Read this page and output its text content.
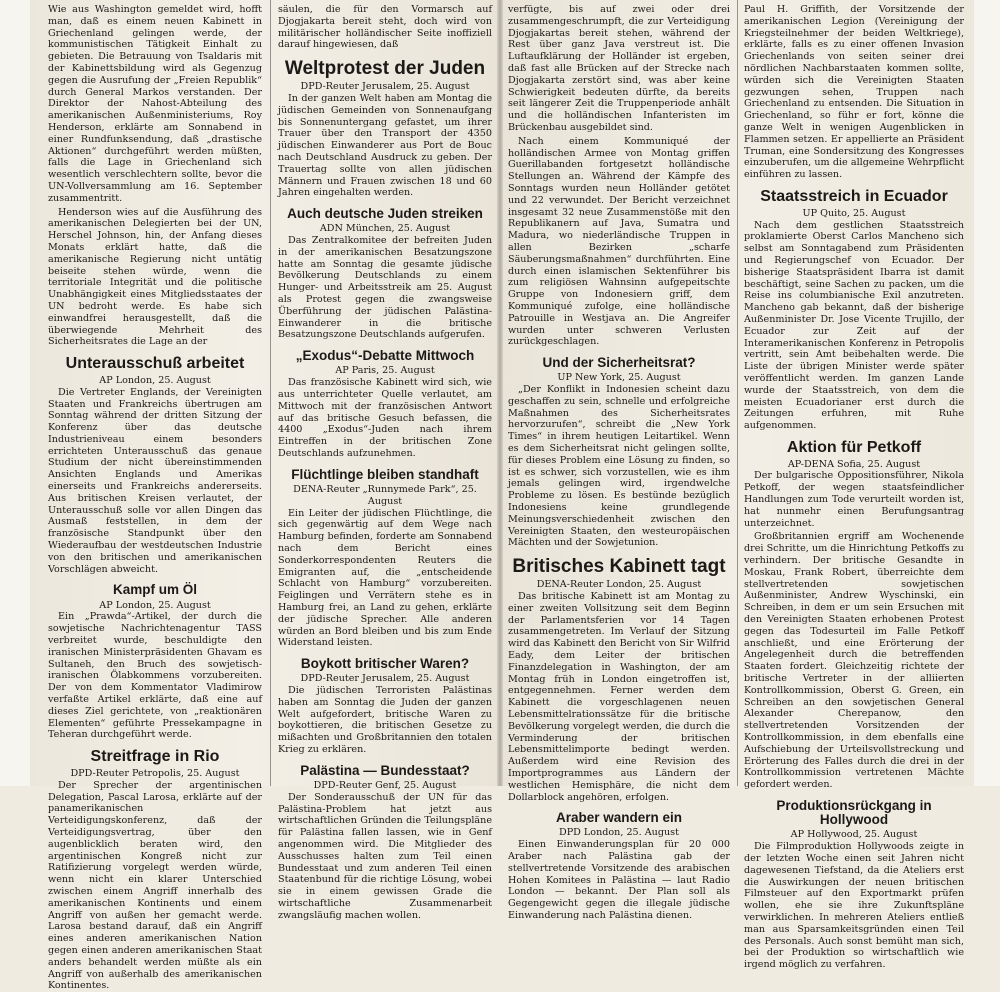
Wie aus Washington gemeldet wird, hofft man, daß es einem neuen Kabinett in Griechenland gelingen werde, der kommunistischen Tätigkeit Einhalt zu gebieten. Die Betrauung von Tsaldaris mit der Kabinettsbildung wird als Gegenzug gegen die Ausrufung der „Freien Republik“ durch General Markos verstanden. Der Direktor der Nahost-Abteilung des amerikanischen Außenministeriums, Roy Henderson, erklärte am Sonnabend in einer Rundfunksendung, daß „drastische Aktionen“ durchgeführt werden müßten, falls die Lage in Griechenland sich wesentlich verschlechtern sollte, bevor die UN-Vollversammlung am 16. September zusammentritt.

Henderson wies auf die Ausführung des amerikanischen Delegierten bei der UN, Herschel Johnson, hin, der Anfang dieses Monats erklärt hatte, daß die amerikanische Regierung nicht untätig beiseite stehen würde, wenn die territoriale Integrität und die politische Unabhängigkeit eines Mitgliedsstaates der UN bedroht werde. Es habe sich einwandfrei herausgestellt, daß die überwiegende Mehrheit des Sicherheitsrates die Lage an der

Unterausschuß arbeitet

AP London, 25. August

Die Vertreter Englands, der Vereinigten Staaten und Frankreichs übertrugen am Sonntag während der dritten Sitzung der Konferenz über das deutsche Industrieniveau einem besonders errichteten Unterausschuß das genaue Studium der nicht übereinstimmenden Ansichten Englands und Amerikas einerseits und Frankreichs andererseits. Aus britischen Kreisen verlautet, der Unterausschuß solle vor allen Dingen das Ausmaß feststellen, in dem der französische Standpunkt über den Wiederaufbau der westdeutschen Industrie von den britischen und amerikanischen Vorschlägen abweicht.

Kampf um Öl

AP London, 25. August

Ein „Prawda“-Artikel, der durch die sowjetische Nachrichtenagentur TASS verbreitet wurde, beschuldigte den iranischen Ministerpräsidenten Ghavam es Sultaneh, den Bruch des sowjetisch-iranischen Ölabkommens vorzubereiten. Der von dem Kommentator Vladimirow verfaßte Artikel erklärte, daß eine auf dieses Ziel gerichtete, von „reaktionären Elementen“ geführte Pressekampagne in Teheran durchgeführt werde.

Streitfrage in Rio

DPD-Reuter Petropolis, 25. August

Der Sprecher der argentinischen Delegation, Pascal Larosa, erklärte auf der panamerikanischen Verteidigungskonferenz, daß der Verteidigungsvertrag, über den augenblicklich beraten wird, den argentinischen Kongreß nicht zur Ratifizierung vorgelegt werden würde, wenn nicht ein klarer Unterschied zwischen einem Angriff innerhalb des amerikanischen Kontinents und einem Angriff von außen her gemacht werde. Larosa bestand darauf, daß ein Angriff eines anderen amerikanischen Nation gegen einen anderen amerikanischen Staat anders behandelt werden müßte als ein Angriff von außerhalb des amerikanischen Kontinentes.

säulen, die für den Vormarsch auf Djogjakarta bereit steht, doch wird von militärischer holländischer Seite inoffiziell darauf hingewiesen, daß

Weltprotest der Juden

DPD-Reuter Jerusalem, 25. August

In der ganzen Welt haben am Montag die jüdischen Gemeinden von Sonnenaufgang bis Sonnenuntergang gefastet, um ihrer Trauer über den Transport der 4350 jüdischen Einwanderer aus Port de Bouc nach Deutschland Ausdruck zu geben. Der Trauertag sollte von allen jüdischen Männern und Frauen zwischen 18 und 60 Jahren eingehalten werden.

Auch deutsche Juden streiken

ADN München, 25. August

Das Zentralkomitee der befreiten Juden in der amerikanischen Besatzungszone hatte am Sonntag die gesamte jüdische Bevölkerung Deutschlands zu einem Hunger- und Arbeitsstreik am 25. August als Protest gegen die zwangsweise Überführung der jüdischen Palästina-Einwanderer in die britische Besatzungszone Deutschlands aufgerufen.

„Exodus“-Debatte Mittwoch

AP Paris, 25. August

Das französische Kabinett wird sich, wie aus unterrichteter Quelle verlautet, am Mittwoch mit der französischen Antwort auf das britische Gesuch befassen, die 4400 „Exodus“-Juden nach ihrem Eintreffen in der britischen Zone Deutschlands aufzunehmen.

Flüchtlinge bleiben standhaft

DENA-Reuter „Runnymede Park“, 25. August

Ein Leiter der jüdischen Flüchtlinge, die sich gegenwärtig auf dem Wege nach Hamburg befinden, forderte am Sonnabend nach dem Bericht eines Sonderkorrespondenten Reuters die Emigranten auf, die „entscheidende Schlacht von Hamburg“ vorzubereiten. Feiglingen und Verrätern stehe es in Hamburg frei, an Land zu gehen, erklärte der jüdische Sprecher. Alle anderen würden an Bord bleiben und bis zum Ende Widerstand leisten.

Boykott britischer Waren?

DPD-Reuter Jerusalem, 25. August

Die jüdischen Terroristen Palästinas haben am Sonntag die Juden der ganzen Welt aufgefordert, britische Waren zu boykottieren, die britischen Gesetze zu mißachten und Großbritannien den totalen Krieg zu erklären.

Palästina — Bundesstaat?

DPD-Reuter Genf, 25. August

Der Sonderausschuß der UN für das Palästina-Problem hat jetzt aus wirtschaftlichen Gründen die Teilungspläne für Palästina fallen lassen, wie in Genf angenommen wird. Die Mitglieder des Ausschusses halten zum Teil einen Bundesstaat und zum anderen Teil einen Staatenbund für die richtige Lösung, wobei sie in einem gewissen Grade die wirtschaftliche Zusammenarbeit zwangsläufig machen wollen.

verfügte, bis auf zwei oder drei zusammengeschrumpft, die zur Verteidigung Djogjakartas bereit stehen, während der Rest über ganz Java verstreut ist. Die Luftaufklärung der Holländer ist ergeben, daß fast alle Brücken auf der Strecke nach Djogjakarta zerstört sind, was aber keine Schwierigkeit bedeuten dürfte, da bereits seit längerer Zeit die Truppenperiode anhält und die holländischen Infanteristen im Brückenbau ausgebildet sind.

Nach einem Kommuniqué der holländischen Armee von Montag griffen Guerillabanden fortgesetzt holländische Stellungen an. Während der Kämpfe des Sonntags wurden neun Holländer getötet und 22 verwundet. Der Bericht verzeichnet insgesamt 32 neue Zusammenstöße mit den Republikanern auf Java, Sumatra und Madura, wo niederländische Truppen in allen Bezirken „scharfe Säuberungsmaßnahmen“ durchführten. Eine durch einen islamischen Sektenführer bis zum religiösen Wahnsinn aufgepeitschte Gruppe von Indonesiern griff, dem Kommuniqué zufolge, eine holländische Patrouille in Westjava an. Die Angreifer wurden unter schweren Verlusten zurückgeschlagen.

Und der Sicherheitsrat?

UP New York, 25. August

„Der Konflikt in Indonesien scheint dazu geschaffen zu sein, schnelle und erfolgreiche Maßnahmen des Sicherheitsrates hervorzurufen“, schreibt die „New York Times“ in ihrem heutigen Leitartikel. Wenn es dem Sicherheitsrat nicht gelingen sollte, für dieses Problem eine Lösung zu finden, so ist es schwer, sich vorzustellen, wie es ihm jemals gelingen wird, irgendwelche Probleme zu lösen. Es bestünde bezüglich Indonesiens keine grundlegende Meinungsverschiedenheit zwischen den Vereinigten Staaten, den westeuropäischen Mächten und der Sowjetunion.

Britisches Kabinett tagt

DENA-Reuter London, 25. August

Das britische Kabinett ist am Montag zu einer zweiten Vollsitzung seit dem Beginn der Parlamentsferien vor 14 Tagen zusammengetreten. Im Verlauf der Sitzung wird das Kabinett den Bericht von Sir Wilfrid Eady, dem Leiter der britischen Finanzdelegation in Washington, der am Montag früh in London eingetroffen ist, entgegennehmen. Ferner werden dem Kabinett die vorgeschlagenen neuen Lebensmittelrationssätze für die britische Bevölkerung vorgelegt werden, die durch die Verminderung der britischen Lebensmittelimporte bedingt werden. Außerdem wird eine Revision des Importprogrammes aus Ländern der westlichen Hemisphäre, die nicht dem Dollarblock angehören, erfolgen.

Araber wandern ein

DPD London, 25. August

Einen Einwanderungsplan für 20 000 Araber nach Palästina gab der stellvertretende Vorsitzende des arabischen Hohen Komitees in Palästina — laut Radio London — bekannt. Der Plan soll als Gegengewicht gegen die illegale jüdische Einwanderung nach Palästina dienen.

Paul H. Griffith, der Vorsitzende der amerikanischen Legion (Vereinigung der Kriegsteilnehmer der beiden Weltkriege), erklärte, falls es zu einer offenen Invasion Griechenlands von seiten seiner drei nördlichen Nachbarstaaten kommen sollte, würden sich die Vereinigten Staaten gezwungen sehen, Truppen nach Griechenland zu entsenden. Die Situation in Griechenland, so führ er fort, könne die ganze Welt in wenigen Augenblicken in Flammen setzen. Er appellierte an Präsident Truman, eine Sondersitzung des Kongresses einzuberufen, um die allgemeine Wehrpflicht einführen zu lassen.

Staatsstreich in Ecuador

UP Quito, 25. August

Nach dem gestlichen Staatsstreich proklamierte Oberst Carlos Mancheno sich selbst am Sonntagabend zum Präsidenten und Regierungschef von Ecuador. Der bisherige Staatspräsident Ibarra ist damit beschäftigt, seine Sachen zu packen, um die Reise ins columbianische Exil anzutreten. Mancheno gab bekannt, daß der bisherige Außenminister Dr. Jose Vicente Trujillo, der Ecuador zur Zeit auf der Interamerikanischen Konferenz in Petropolis vertritt, sein Amt beibehalten werde. Die Liste der übrigen Minister werde später veröffentlicht werden. Im ganzen Lande wurde der Staatsstreich, von dem die meisten Ecuadorianer erst durch die Zeitungen erfuhren, mit Ruhe aufgenommen.

Aktion für Petkoff

AP-DENA Sofia, 25. August

Der bulgarische Oppositionsführer, Nikola Petkoff, der wegen staatsfeindlicher Handlungen zum Tode verurteilt worden ist, hat nunmehr einen Berufungsantrag unterzeichnet.

Großbritannien ergriff am Wochenende drei Schritte, um die Hinrichtung Petkoffs zu verhindern. Der britische Gesandte in Moskau, Frank Robert, überreichte dem stellvertretenden sowjetischen Außenminister, Andrew Wyschinski, ein Schreiben, in dem er um sein Ersuchen mit den Vereinigten Staaten erhobenen Protest gegen das Todesurteil im Falle Petkoff anschließt, und eine Erörterung der Angelegenheit durch die betreffenden Staaten fordert. Gleichzeitig richtete der britische Vertreter in der alliierten Kontrollkommission, Oberst G. Green, ein Schreiben an den sowjetischen General Alexander Cherepanow, den stellvertretenden Vorsitzenden der Kontrollkommission, in dem ebenfalls eine Aufschiebung der Urteilsvollstreckung und Erörterung des Falles durch die drei in der Kontrollkommission vertretenen Mächte gefordert werden.

Produktionsrückgang in Hollywood

AP Hollywood, 25. August

Die Filmproduktion Hollywoods zeigte in der letzten Woche einen seit Jahren nicht dagewesenen Tiefstand, da die Ateliers erst die Auswirkungen der neuen britischen Filmsteuer auf den Exportmarkt prüfen wollen, ehe sie ihre Zukunftspläne verwirklichen. In mehreren Ateliers entließ man aus Sparsamkeitsgründen einen Teil des Personals. Auch sonst bemüht man sich, bei der Produktion so wirtschaftlich wie irgend möglich zu verfahren.
